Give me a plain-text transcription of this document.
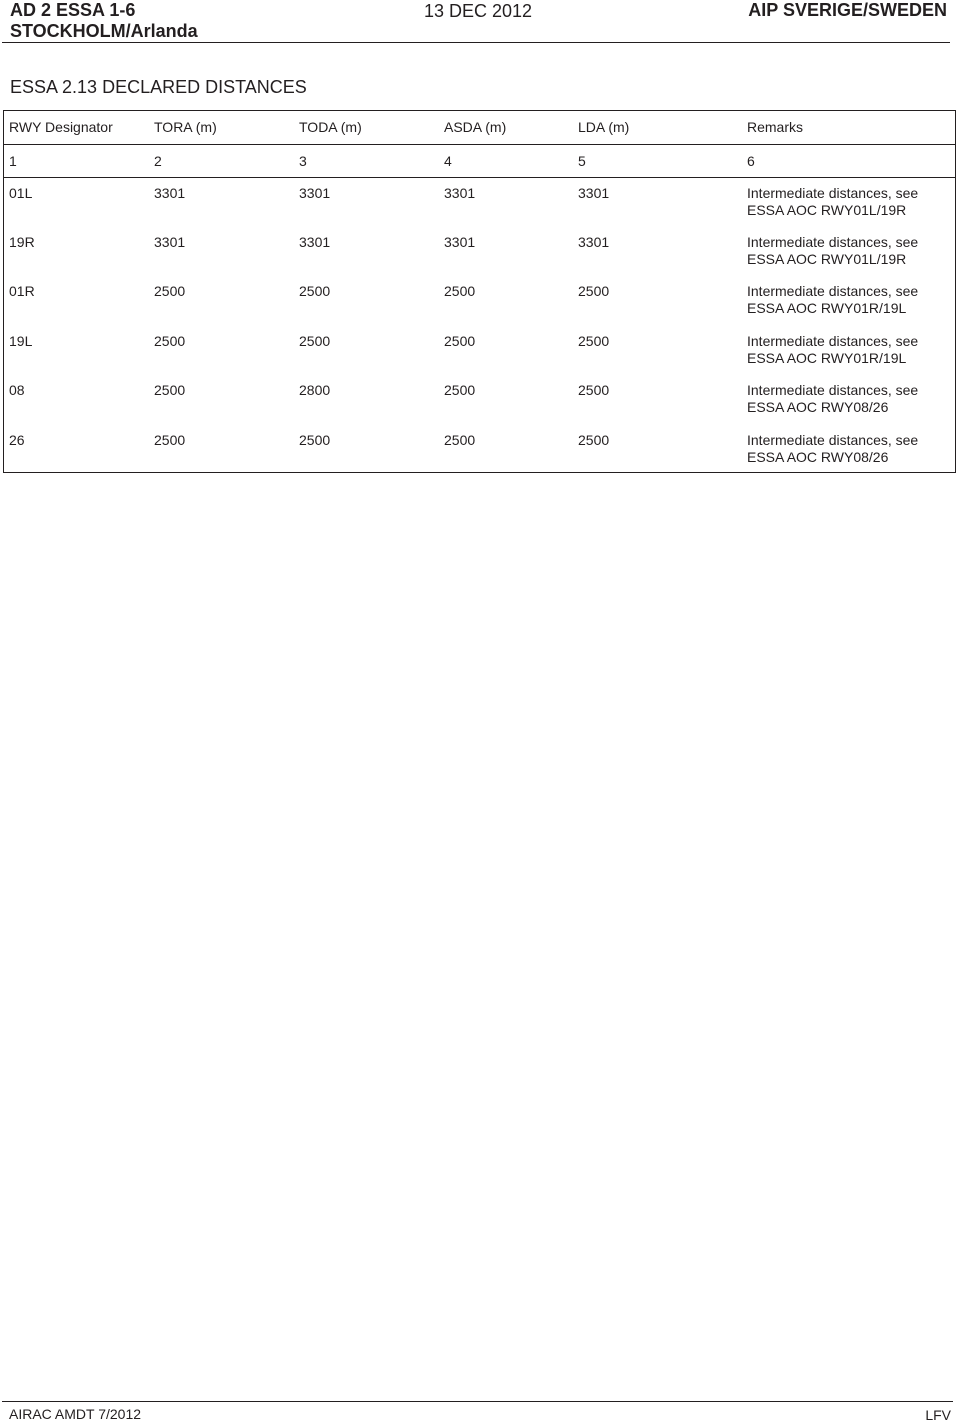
AD 2 ESSA 1-6
STOCKHOLM/Arlanda
13 DEC 2012	AIP SVERIGE/SWEDEN
ESSA 2.13 DECLARED DISTANCES
RWY Designator	TORA (m)	TODA (m)	ASDA (m)	LDA (m)	Remarks
1	2	3	4	5	6
01L	3301	3301	3301	3301	Intermediate distances, see
ESSA AOC RWY01L/19R
19R	3301	3301	3301	3301	Intermediate distances, see
ESSA AOC RWY01L/19R
01R	2500	2500	2500	2500	Intermediate distances, see
ESSA AOC RWY01R/19L
19L	2500	2500	2500	2500	Intermediate distances, see
ESSA AOC RWY01R/19L
08	2500	2800	2500	2500	Intermediate distances, see
ESSA AOC RWY08/26
26	2500	2500	2500	2500	Intermediate distances, see
ESSA AOC RWY08/26
AIRAC AMDT 7/2012	LFV
